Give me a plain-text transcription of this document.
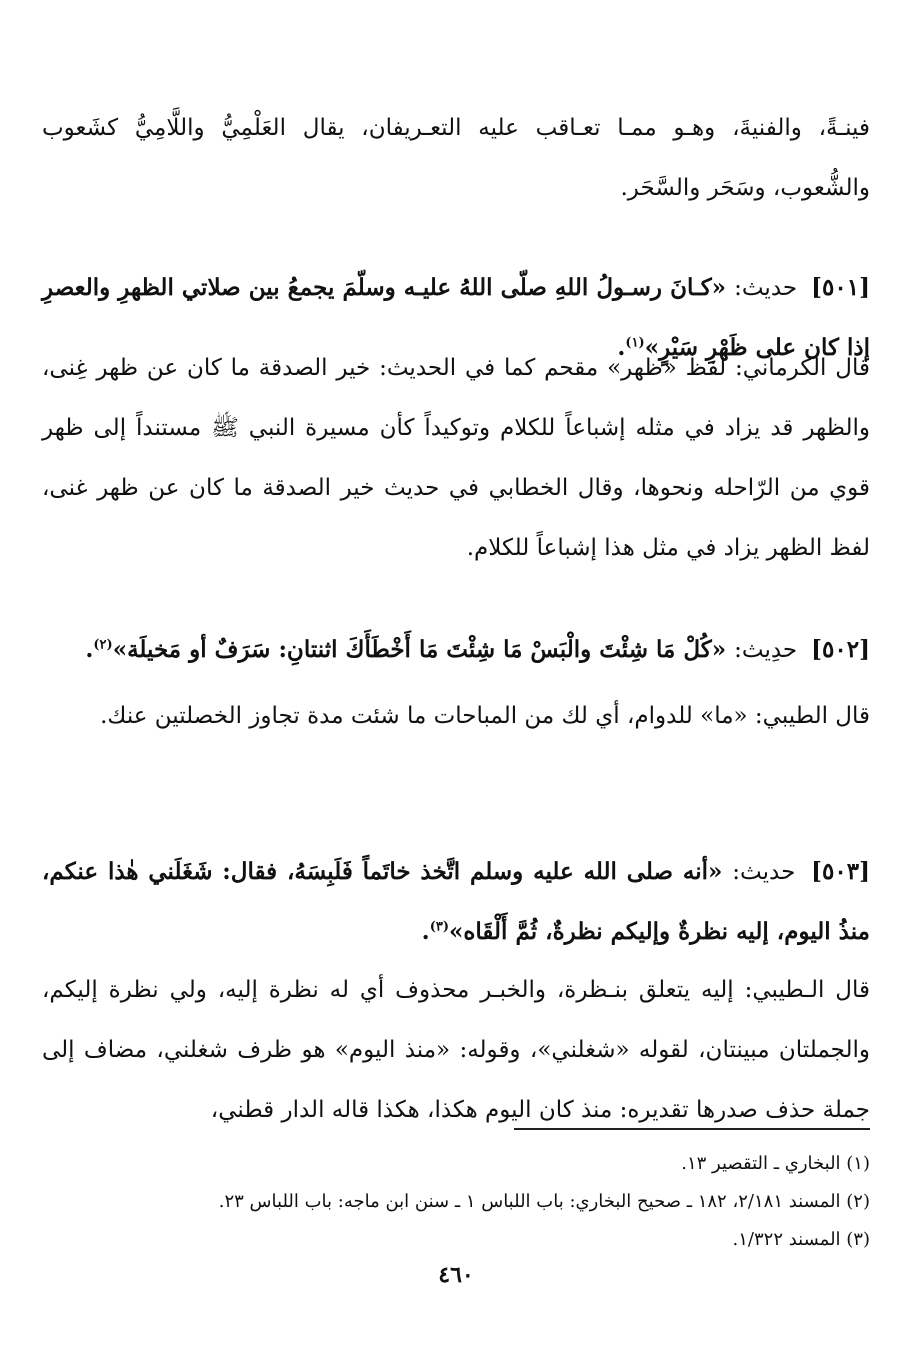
فينـةً، والفنيةَ، وهـو ممـا تعـاقب عليه التعـريفان، يقال العَلْمِيُّ واللَّامِيُّ كشَعوب والشُّعوب، وسَحَر والسَّحَر.

[٥٠١] حديث: «كـانَ رسـولُ اللهِ صلّى اللهُ عليـه وسلّمَ يجمعُ بين صلاتي الظهرِ والعصرِ إذا كان على ظَهْرِ سَيْرٍ»$^{(١)}$.

قال الكرماني: لفظ «ظهر» مقحم كما في الحديث: خير الصدقة ما كان عن ظهر غِنى، والظهر قد يزاد في مثله إشباعاً للكلام وتوكيداً كأن مسيرة النبي ﷺ مستنداً إلى ظهر قوي من الرّاحله ونحوها، وقال الخطابي في حديث خير الصدقة ما كان عن ظهر غنى، لفظ الظهر يزاد في مثل هذا إشباعاً للكلام.

[٥٠٢] حدِيث: «كُلْ مَا شِئْتَ والْبَسْ مَا شِئْتَ مَا أَخْطَأَكَ اثنتانِ: سَرَفٌ أو مَخيلَة»$^{(٢)}$.

قال الطيبي: «ما» للدوام، أي لك من المباحات ما شئت مدة تجاوز الخصلتين عنك.

[٥٠٣] حديث: «أنه صلى الله عليه وسلم اتَّخذ خاتَماً فَلَبِسَهُ، فقال: شَغَلَني هٰذا عنكم، منذُ اليوم، إليه نظرةٌ وإليكم نظرةٌ، ثُمَّ أَلْقَاه»$^{(٣)}$.

قال الـطيبي: إليه يتعلق بنـظرة، والخبـر محذوف أي له نظرة إليه، ولي نظرة إليكم، والجملتان مبينتان، لقوله «شغلني»، وقوله: «منذ اليوم» هو ظرف شغلني، مضاف إلى جملة حذف صدرها تقديره: منذ كان اليوم هكذا، هكذا قاله الدار قطني،

(١) البخاري ـ التقصير ١٣.
(٢) المسند ٢/١٨١، ١٨٢ ـ صحيح البخاري: باب اللباس ١ ـ سنن ابن ماجه: باب اللباس ٢٣.
(٣) المسند ١/٣٢٢.
٤٦٠
